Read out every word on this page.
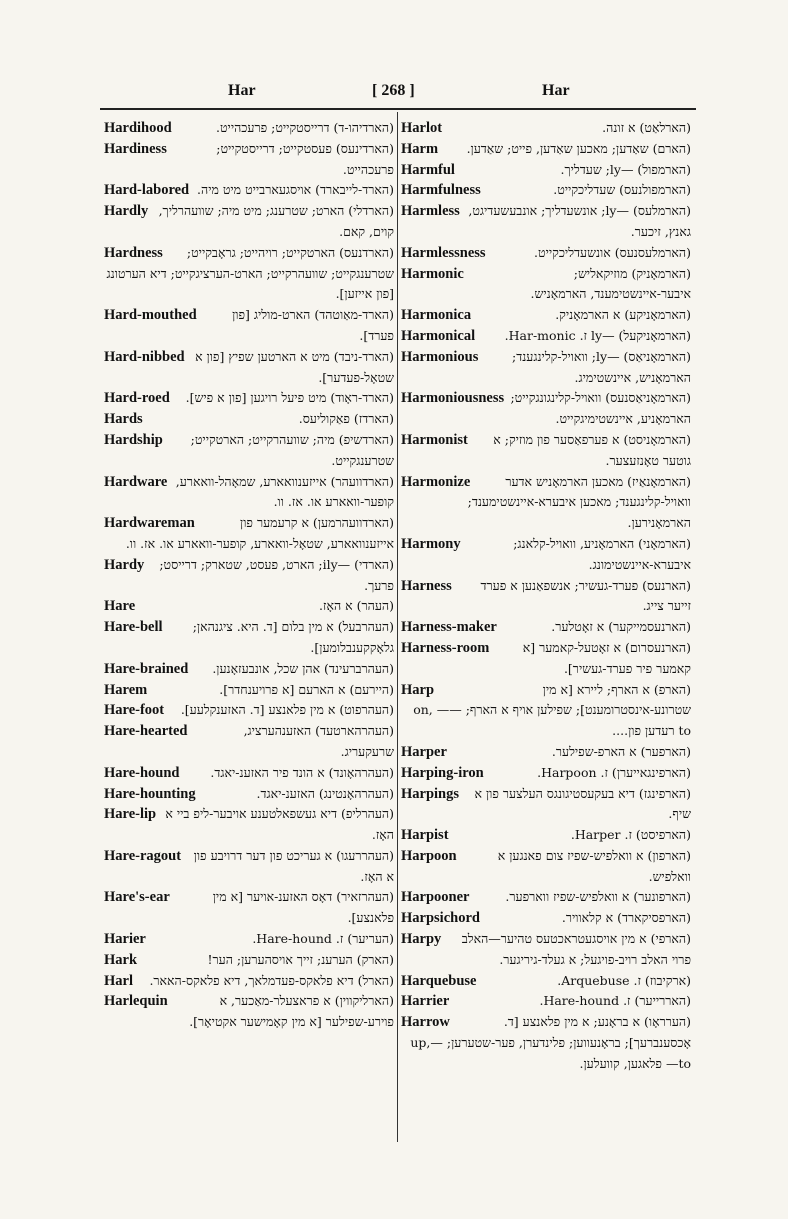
Har	[ 268 ]	Har
Hardihood	(הארדיהו-ד) דרייסטקייט; פרעכהייט.
Hardiness	(הארדינעס) פעסטקייט; דרייסטקייט; פרעכהייט.
Hard-labored (הארד-לייבארד) אויסגעארבייט מיט מיה.
Hardly (הארדלי) הארט; שטרענג; מיט מיה; שוועהרליך, קוים, קאם.
Hardness	(הארדנעס) הארטקייט; רויהייט; גראָבקייט; שטרענגקייט; שוועהרקייט; הארט-הערציגקייט; דיא הערטונג [פון אייזען].
Hard-mouthed	(הארד-מאַוטהד) הארט-מוליג [פון פערד].
Hard-nibbed (הארד-ניבד) מיט א הארטען שפיץ [פון א שטאָל-פעדער].
Hard-roed	(הארד-ראָוד) מיט פיעל רויגען [פון א פיש].
Hards	(הארדז) פאַקוליעס.
Hardship	(הארדשיפ) מיה; שוועהרקייט; הארטקייט; שטרענגקייט.
Hardware (הארדוועהר) אייזענוואארע, שמאָהל-וואארע, קופער-וואארע או. אז. וו.
Hardwareman	(הארדוועהרמען) א קרעמער פון אייזענוואארע, שטאָל-וואארע, קופער-וואארע או. אז. וו.
Hardy	(הארדי) —ily; הארט, פעסט, שטארק; דרייסט; פרעך.
Hare	(העהר) א האָז.
Hare-bell	(העהרבעל) א מין בלום [ד. היא. ציגנהאן; גלאָקקענבלומען].
Hare-brained	(העהרברעינד) אהן שכל, אונבעזאָנען.
Harem	(היירעם) א הארעם [א פרויענחדר].
Hare-foot	(העהרפוט) א מין פלאנצע [ד. האזענקלעע].
Hare-hearted	(העהרהארטעד) האזענהערציג, שרעקעריג.
Hare-hound	(העהרהאָונד) א הונד פיר האזענ-יאגד.
Hare-hounting	(העהרהאָנטינג) האזענ-יאגד.
Hare-lip (העהרליפ) דיא געשפאלטענע אויבער-ליפ ביי א האָז.
Hare-ragout	(העהררעגו) א געריכט פון דער דרויבע פון א האָז.
Hare's-ear	(העהרזאיר) דאָס האזענ-אויער [א מין פלאנצע].
Harier	(העריער) ז. Hare-hound.
Hark	(הארק) הערענ; זייך אויסהערען; הער!
Harl	(הארל) דיא פלאקס-פעדמלאך, דיא פלאקס-האאר.
Harlequin	(הארליקווין) א פראצעלר-מאַכער, א פוירע-שפילער [א מין קאָמישער אקטיאָר].
Harlot	(הארלאַט) א זונה.
Harm	(הארם) שאַדען; מאכען שאַדען, פייט; שאַדען.
Harmful	(הארמפול) —ly; שעדליך.
Harmfulness	(הארמפולנעס) שעדליכקייט.
Harmless (הארמלעס) —ly; אונשעדליך; אונבעשעדיגט, גאנץ, זיכער.
Harmlessness	(הארמלעסנעס) אונשעדליכקייט.
Harmonic	(הארמאָניק) מוזיקאליש; איבער-איינשטימענד, הארמאָניש.
Harmonica	(הארמאָניקע) א הארמאָניק.
Harmonical	(הארמאָניקעל) —ly ז. Har-monic.
Harmonious	(הארמאָניאַס) —ly; וואויל-קלינגענד; הארמאָניש, איינשטימיג.
Harmoniousness (הארמאָניאַסנעס) וואויל-קלינגונגקייט; הארמאָניע, איינשטימיגקייט.
Harmonist	(הארמאָניסט) א פערפאַסער פון מוזיק; א גוטער טאָנזעצער.
Harmonize	(הארמאָנאַיז) מאכען הארמאָניש אדער וואויל-קלינגענד; מאכען איבערא-איינשטימענד; הארמאָנירען.
Harmony	(הארמאָני) הארמאָניע, וואויל-קלאנג; איבערא-איינשטימונג.
Harness	(הארנעס) פערד-געשיר; אנשפאַנען א פערד זייער צייג.
Harness-maker	(הארנעסמייקער) א זאָטלער.
Harness-room	(הארנעסרום) א זאָטעל-קאמער [א קאמער פיר פערד-געשיר].
Harp	(הארפ) א הארף; ליירא [א מין שטרונע-אינסטרומענט]; שפילען אויף א הארף; —on, —to רעדען פון....
Harper	(הארפער) א הארפ-שפילער.
Harping-iron	(הארפינגאייערן) ז. Harpoon.
Harpings	(הארפינגז) דיא בעקעסטיגונגס העלצער פון א שיף.
Harpist	(הארפיסט) ז. Harper.
Harpoon	(הארפון) א וואלפיש-שפיז צום פאנגען א וואלפיש.
Harpooner	(הארפונער) א וואלפיש-שפיז ווארפער.
Harpsichord	(הארפסיקארד) א קלאוויר.
Harpy	(הארפי) א מין אויסגעטראכטעס טהיער—האלב פרוי האלב רויב-פויגעל; א געלד-גיריגער.
Harquebuse	(ארקיבוז) ז. Arquebuse.
Harrier	(האררייער) ז. Hare-hound.
Harrow	(הערראָו) א בראָנע; א מין פלאנצע [ד. אָכסענברעך]; בראָנעווען; פלינדערן, פער-שטערען; —up, —to פלאגען, קוועלען.
